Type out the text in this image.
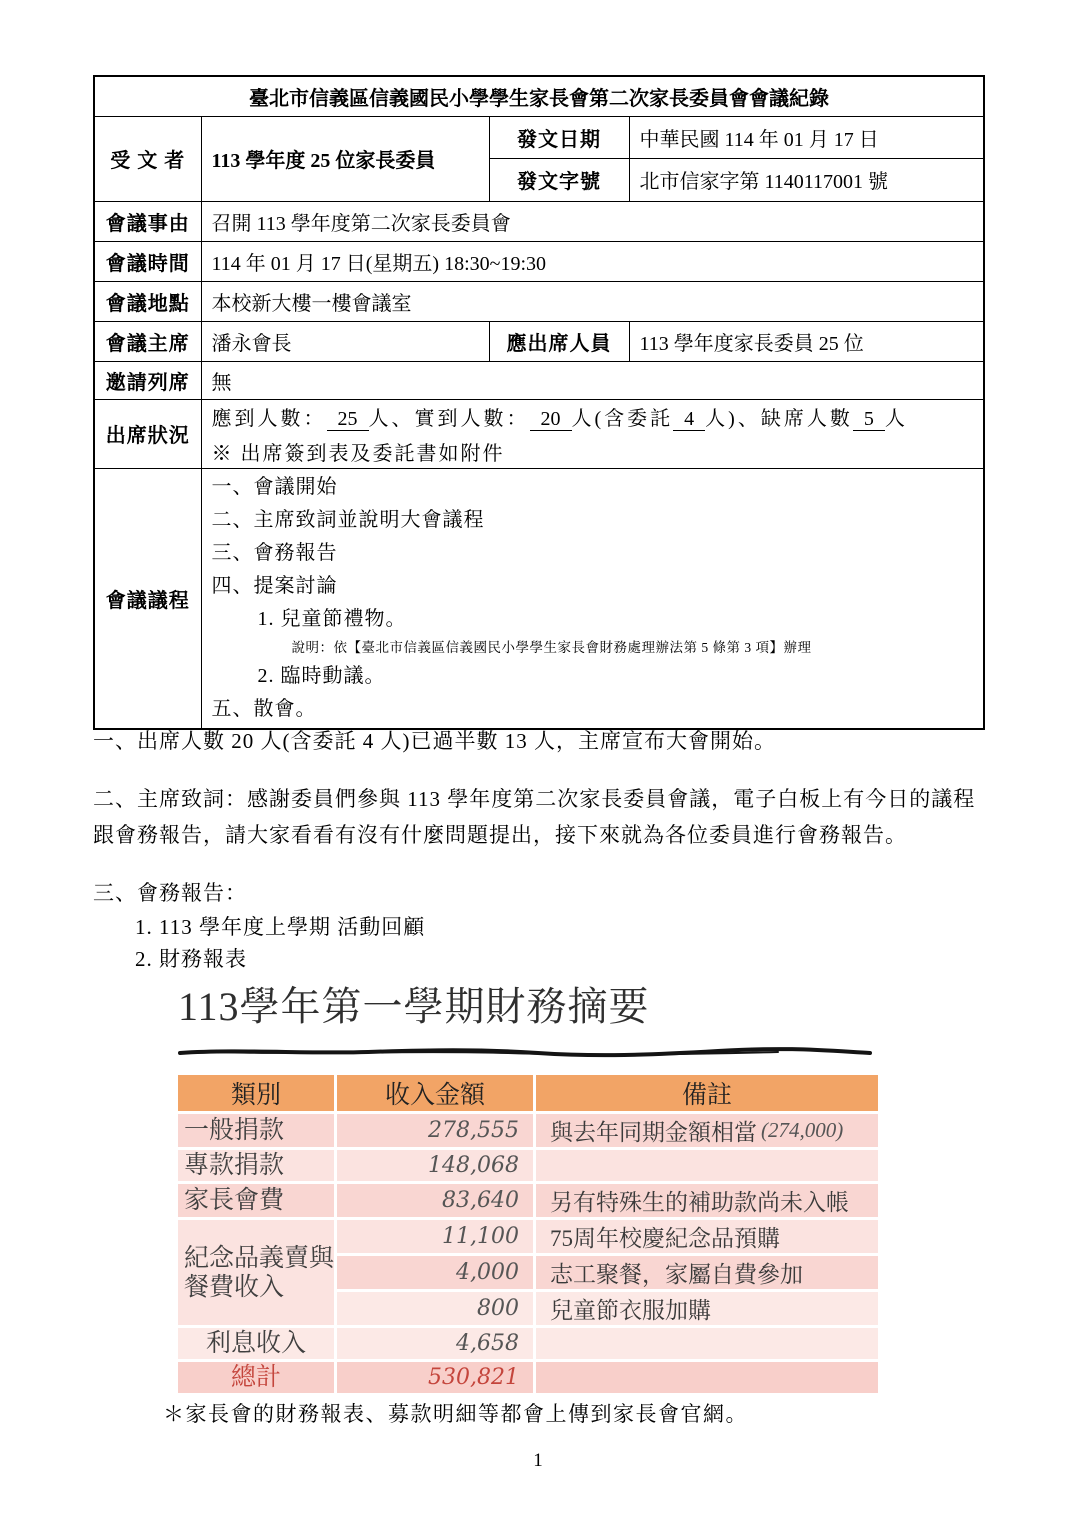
臺北市信義區信義國民小學學生家長會第二次家長委員會會議紀錄			
受 文 者	113 學年度 25 位家長委員	發文日期	中華民國 114 年 01 月 17 日
		發文字號	北市信家字第 1140117001 號
會議事由	召開 113 學年度第二次家長委員會		
會議時間	114 年 01 月 17 日(星期五) 18:30~19:30		
會議地點	本校新大樓一樓會議室		
會議主席	潘永會長	應出席人員	113 學年度家長委員 25 位
邀請列席	無		
出席狀況	應到人數： 25 人、實到人數： 20 人(含委託 4 人)、缺席人數 5 人
※ 出席簽到表及委託書如附件		

會議議程	
一、會議開始
二、主席致詞並說明大會議程
三、會務報告
四、提案討論
1. 兒童節禮物。
說明：依【臺北市信義區信義國民小學學生家長會財務處理辦法第 5 條第 3 項】辦理
2. 臨時動議。
五、散會。
一、出席人數 20 人(含委託 4 人)已過半數 13 人，主席宣布大會開始。
二、主席致詞：感謝委員們參與 113 學年度第二次家長委員會議，電子白板上有今日的議程跟會務報告，請大家看看有沒有什麼問題提出，接下來就為各位委員進行會務報告。
三、會務報告：
1. 113 學年度上學期 活動回顧
2. 財務報表
113學年第一學期財務摘要
類別	收入金額	備註
一般捐款	278,555	與去年同期金額相當 (274,000)
專款捐款	148,068
家長會費	83,640	另有特殊生的補助款尚未入帳
紀念品義賣與餐費收入
11,100	75周年校慶紀念品預購
4,000	志工聚餐，家屬自費參加
800	兒童節衣服加購
利息收入	4,658
總計	530,821
＊家長會的財務報表、募款明細等都會上傳到家長會官網。
1
